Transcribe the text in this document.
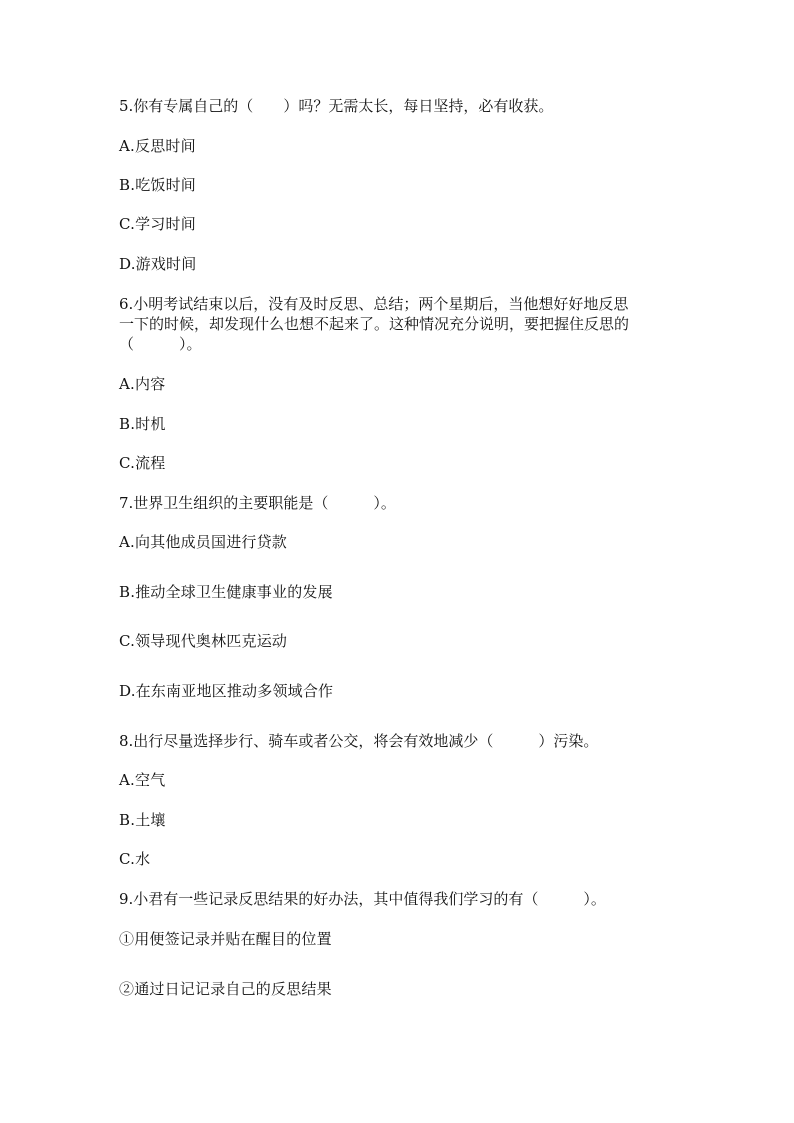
5.你有专属自己的（　　）吗？无需太长，每日坚持，必有收获。
A.反思时间
B.吃饭时间
C.学习时间
D.游戏时间
6.小明考试结束以后，没有及时反思、总结；两个星期后，当他想好好地反思
一下的时候，却发现什么也想不起来了。这种情况充分说明，要把握住反思的
（　　　）。
A.内容
B.时机
C.流程
7.世界卫生组织的主要职能是（　　　）。
A.向其他成员国进行贷款
B.推动全球卫生健康事业的发展
C.领导现代奥林匹克运动
D.在东南亚地区推动多领域合作
8.出行尽量选择步行、骑车或者公交，将会有效地减少（　　　）污染。
A.空气
B.土壤
C.水
9.小君有一些记录反思结果的好办法，其中值得我们学习的有（　　　）。
①用便签记录并贴在醒目的位置
②通过日记记录自己的反思结果
